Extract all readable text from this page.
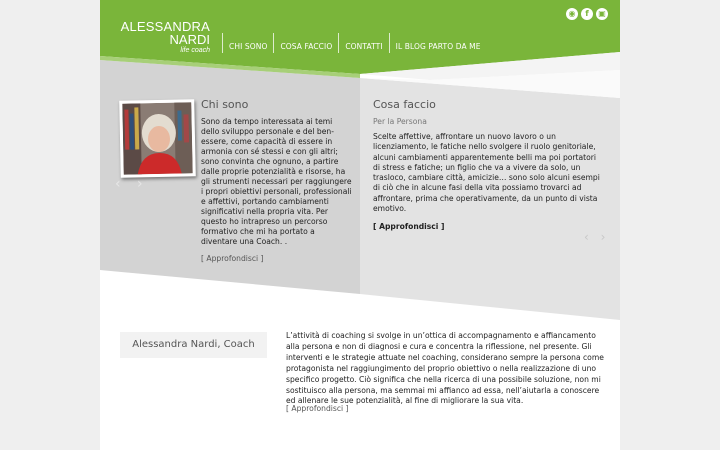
ALESSANDRA
NARDI
life coach	CHI SONO	COSA FACCIO	CONTATTI	IL BLOG PARTO DA ME
◉	f	▣
‹ ›
Chi sono
Sono da tempo interessata ai temi dello sviluppo personale e del ben-essere, come capacità di essere in armonia con sé stessi e con gli altri; sono convinta che ognuno, a partire dalle proprie potenzialità e risorse, ha gli strumenti necessari per raggiungere i propri obiettivi personali, professionali e affettivi, portando cambiamenti significativi nella propria vita. Per questo ho intrapreso un percorso formativo che mi ha portato a diventare una Coach. .
[ Approfondisci ]
Cosa faccio
Per la Persona
Scelte affettive, affrontare un nuovo lavoro o un licenziamento, le fatiche nello svolgere il ruolo genitoriale, alcuni cambiamenti apparentemente belli ma poi portatori di stress e fatiche; un figlio che va a vivere da solo, un trasloco, cambiare città, amicizie… sono solo alcuni esempi di ciò che in alcune fasi della vita possiamo trovarci ad affrontare, prima che operativamente, da un punto di vista emotivo.
[ Approfondisci ]
‹ ›
Alessandra Nardi, Coach
L’attività di coaching si svolge in un’ottica di accompagnamento e affiancamento alla persona e non di diagnosi e cura e concentra la riflessione, nel presente. Gli interventi e le strategie attuate nel coaching, considerano sempre la persona come protagonista nel raggiungimento del proprio obiettivo o nella realizzazione di uno specifico progetto. Ciò significa che nella ricerca di una possibile soluzione, non mi sostituisco alla persona, ma semmai mi affianco ad essa, nell’aiutarla a conoscere ed allenare le sue potenzialità, al fine di migliorare la sua vita.
[ Approfondisci ]
